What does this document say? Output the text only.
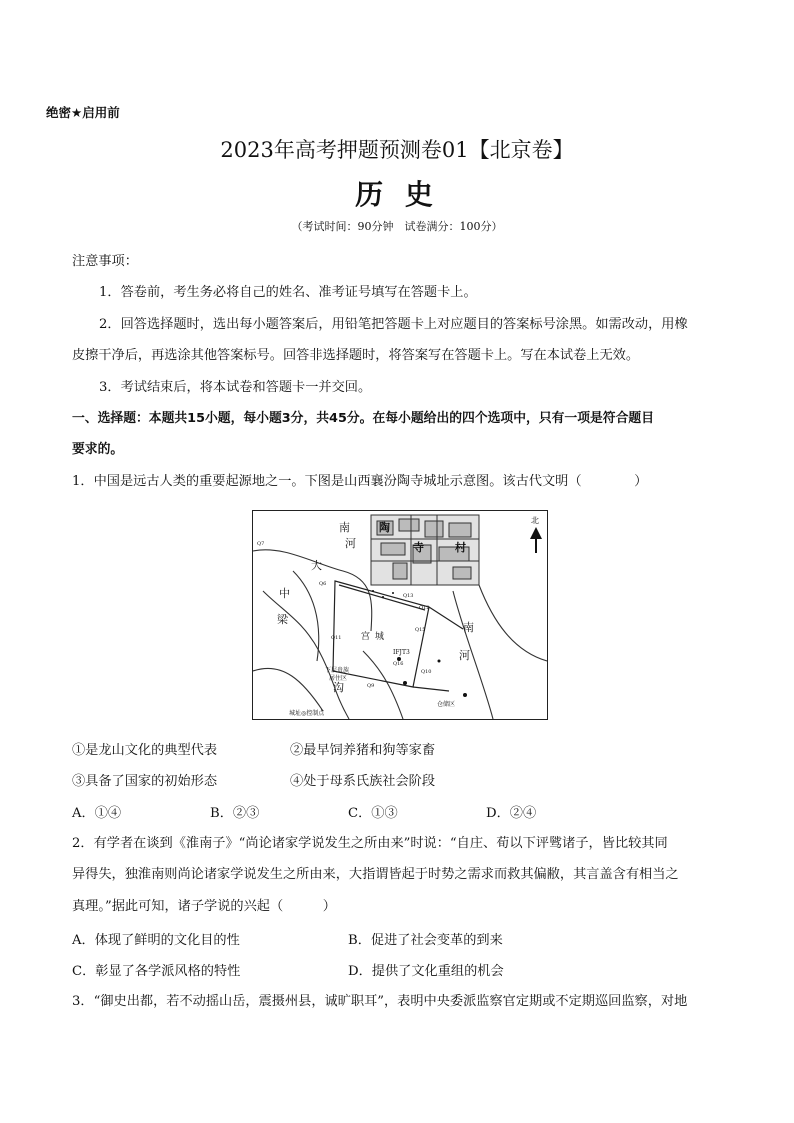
绝密★启用前
2023年高考押题预测卷01【北京卷】
历 史
（考试时间：90分钟　试卷满分：100分）
注意事项：
1．答卷前，考生务必将自己的姓名、准考证号填写在答题卡上。
2．回答选择题时，选出每小题答案后，用铅笔把答题卡上对应题目的答案标号涂黑。如需改动，用橡
皮擦干净后，再选涂其他答案标号。回答非选择题时，将答案写在答题卡上。写在本试卷上无效。
3．考试结束后，将本试卷和答题卡一并交回。
一、选择题：本题共15小题，每小题3分，共45分。在每小题给出的四个选项中，只有一项是符合题目
要求的。
1．中国是远古人类的重要起源地之一。下图是山西襄汾陶寺城址示意图。该古代文明（　　　　）
南
河
陶
寺	村
北
大
中
梁
沟
宫 城
南
河
下层贵族
居住区
仓储区
IFJT3
城址◎控制点
Q7
Q6
Q11
Q12
Q13
Q15
Q16
Q10
Q9
①是龙山文化的典型代表	②最早饲养猪和狗等家畜
③具备了国家的初始形态	④处于母系氏族社会阶段
A．①④	B．②③	C．①③	D．②④
2．有学者在谈到《淮南子》“尚论诸家学说发生之所由来”时说：“自庄、荀以下评骘诸子，皆比较其同
异得失，独淮南则尚论诸家学说发生之所由来，大指谓皆起于时势之需求而救其偏敝，其言盖含有相当之
真理。”据此可知，诸子学说的兴起（　　　）
A．体现了鲜明的文化目的性	B．促进了社会变革的到来
C．彰显了各学派风格的特性	D．提供了文化重组的机会
3．“御史出都，若不动摇山岳，震摄州县，诚旷职耳”，表明中央委派监察官定期或不定期巡回监察，对地
